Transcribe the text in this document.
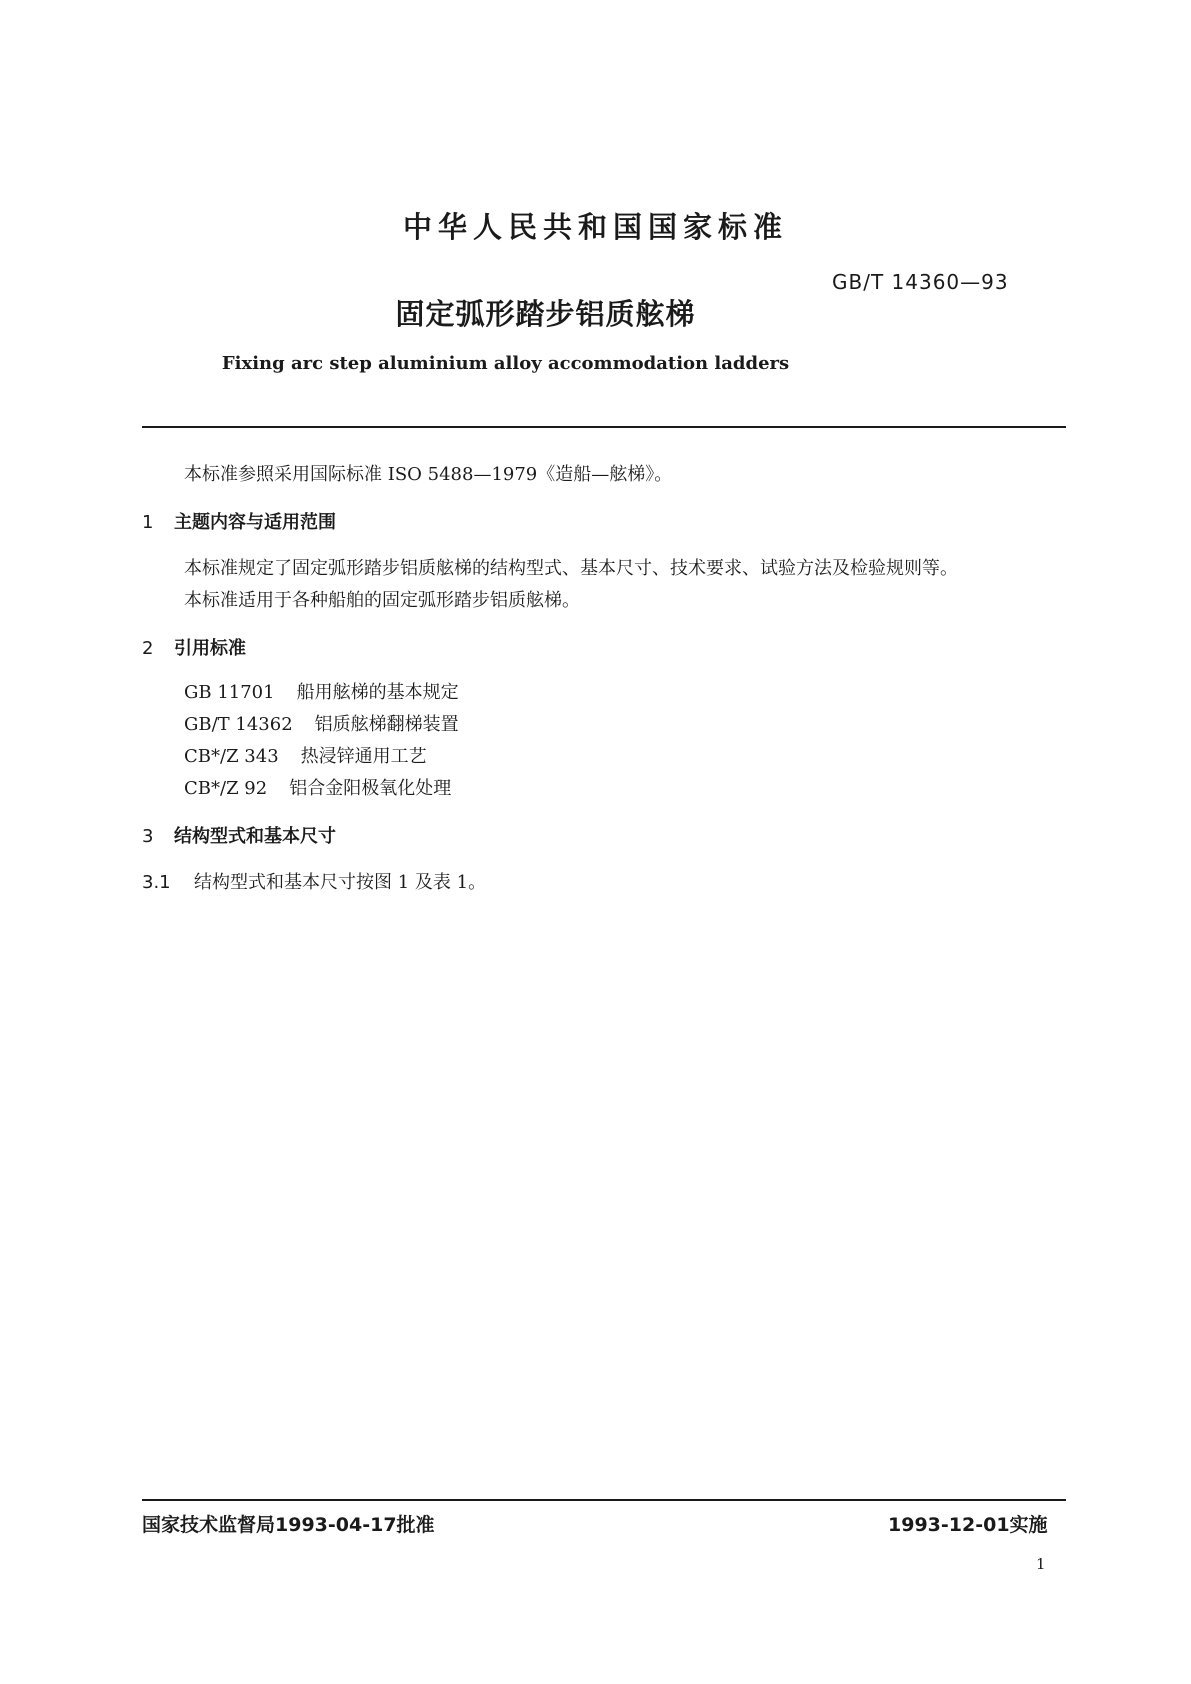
中华人民共和国国家标准
GB/T 14360—93
固定弧形踏步铝质舷梯
Fixing arc step aluminium alloy accommodation ladders
本标准参照采用国际标准 ISO 5488—1979《造船—舷梯》。
1 主题内容与适用范围
本标准规定了固定弧形踏步铝质舷梯的结构型式、基本尺寸、技术要求、试验方法及检验规则等。
本标准适用于各种船舶的固定弧形踏步铝质舷梯。
2 引用标准
GB 11701 船用舷梯的基本规定
GB/T 14362 铝质舷梯翻梯装置
CB*/Z 343 热浸锌通用工艺
CB*/Z 92 铝合金阳极氧化处理
3 结构型式和基本尺寸
3.1 结构型式和基本尺寸按图 1 及表 1。
国家技术监督局1993-04-17批准	1993-12-01实施
1
